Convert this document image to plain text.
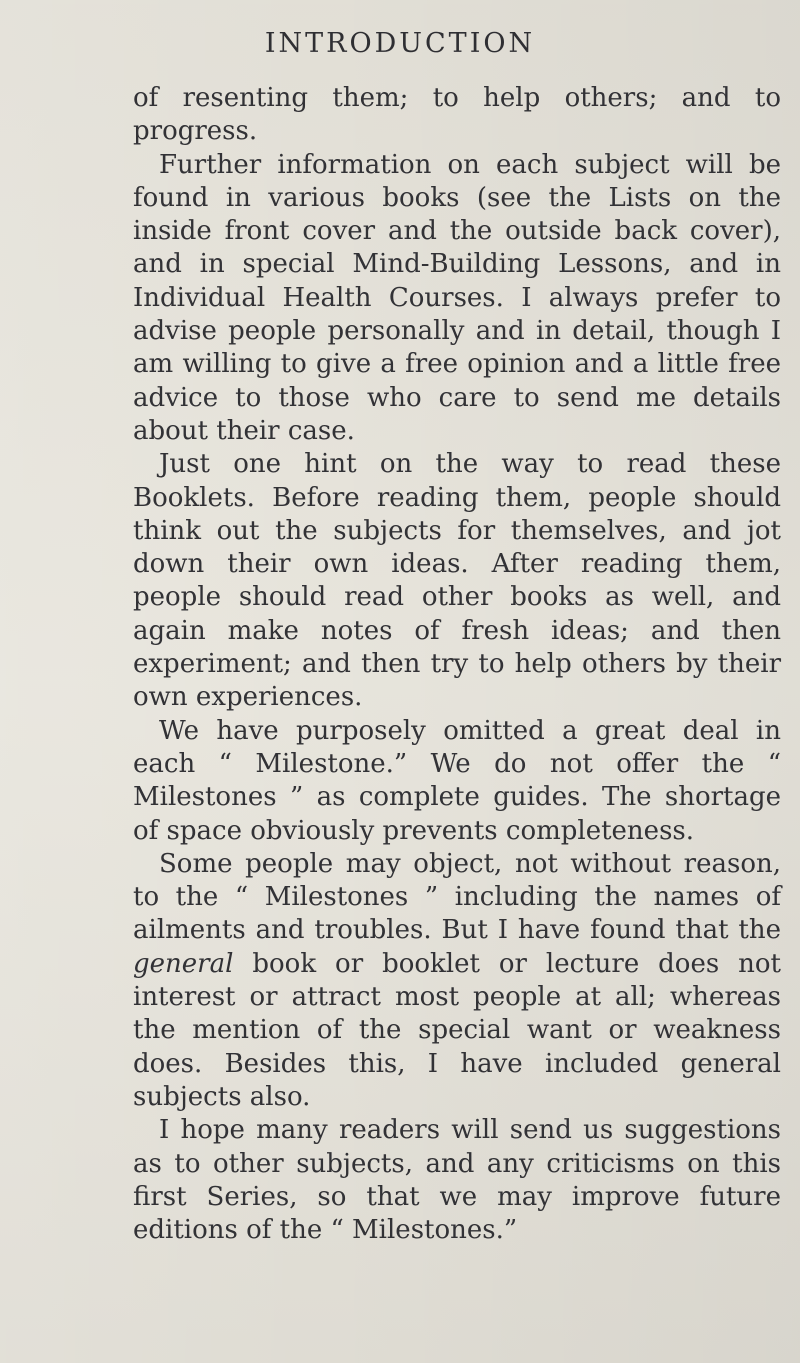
INTRODUCTION

of resenting them; to help others; and to progress.

Further information on each subject will be found in various books (see the Lists on the inside front cover and the outside back cover), and in special Mind-Building Lessons, and in Individual Health Courses. I always prefer to advise people personally and in detail, though I am willing to give a free opinion and a little free advice to those who care to send me details about their case.

Just one hint on the way to read these Booklets. Before reading them, people should think out the subjects for themselves, and jot down their own ideas. After reading them, people should read other books as well, and again make notes of fresh ideas; and then experiment; and then try to help others by their own experiences.

We have purposely omitted a great deal in each “ Milestone.” We do not offer the “ Milestones ” as complete guides. The shortage of space obviously prevents completeness.

Some people may object, not without reason, to the “ Milestones ” including the names of ailments and troubles. But I have found that the general book or booklet or lecture does not interest or attract most people at all; whereas the mention of the special want or weakness does. Besides this, I have included general subjects also.

I hope many readers will send us suggestions as to other subjects, and any criticisms on this first Series, so that we may improve future editions of the “ Milestones.”
